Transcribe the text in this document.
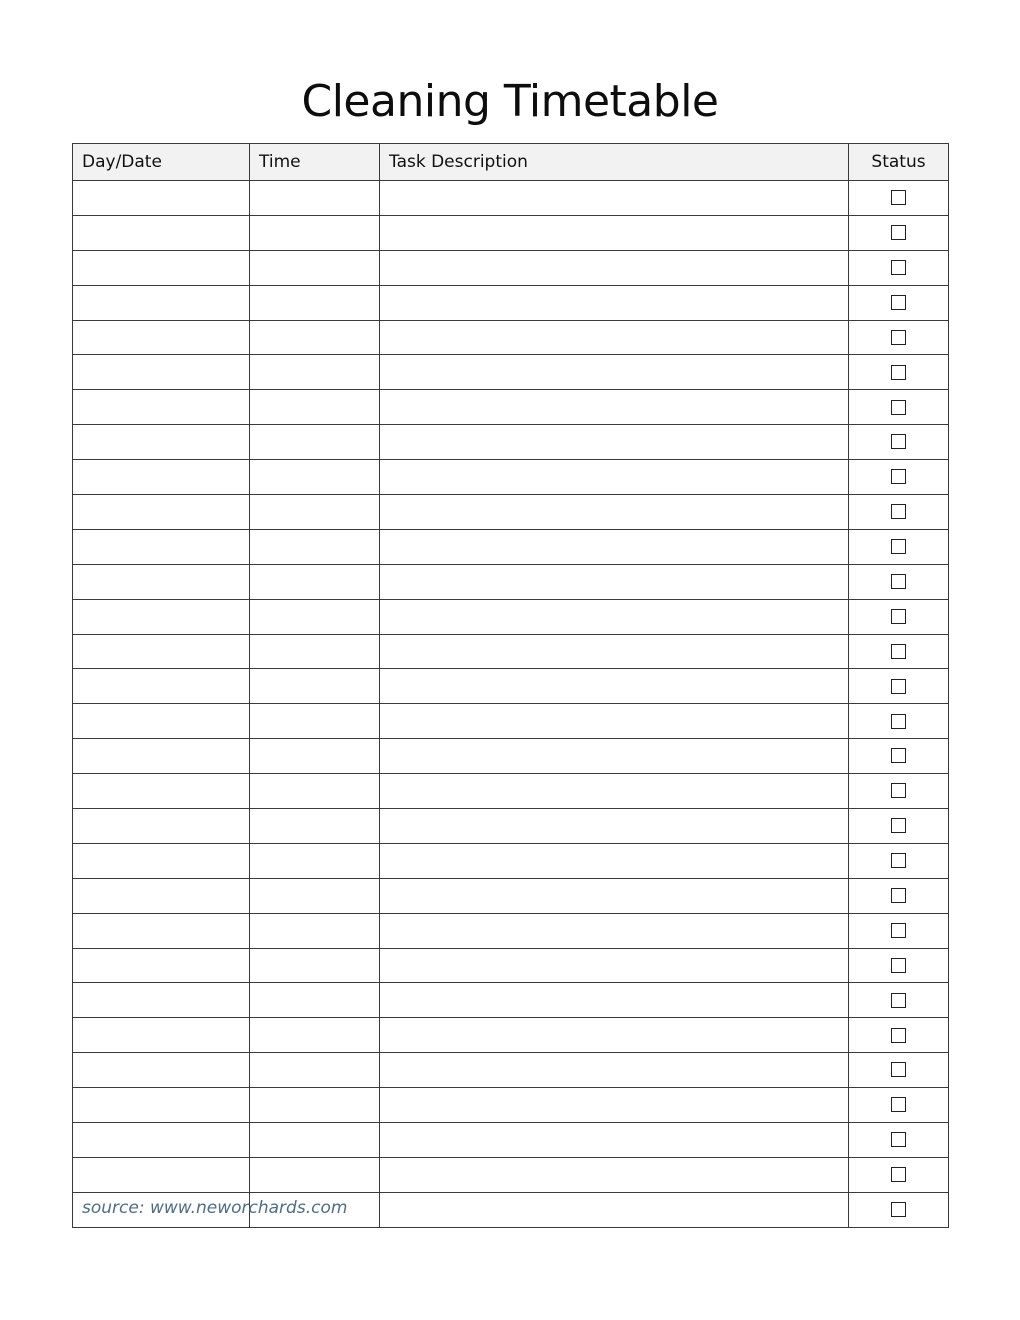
Cleaning Timetable
Day/Date	Time	Task Description	Status

source: www.neworchards.com
